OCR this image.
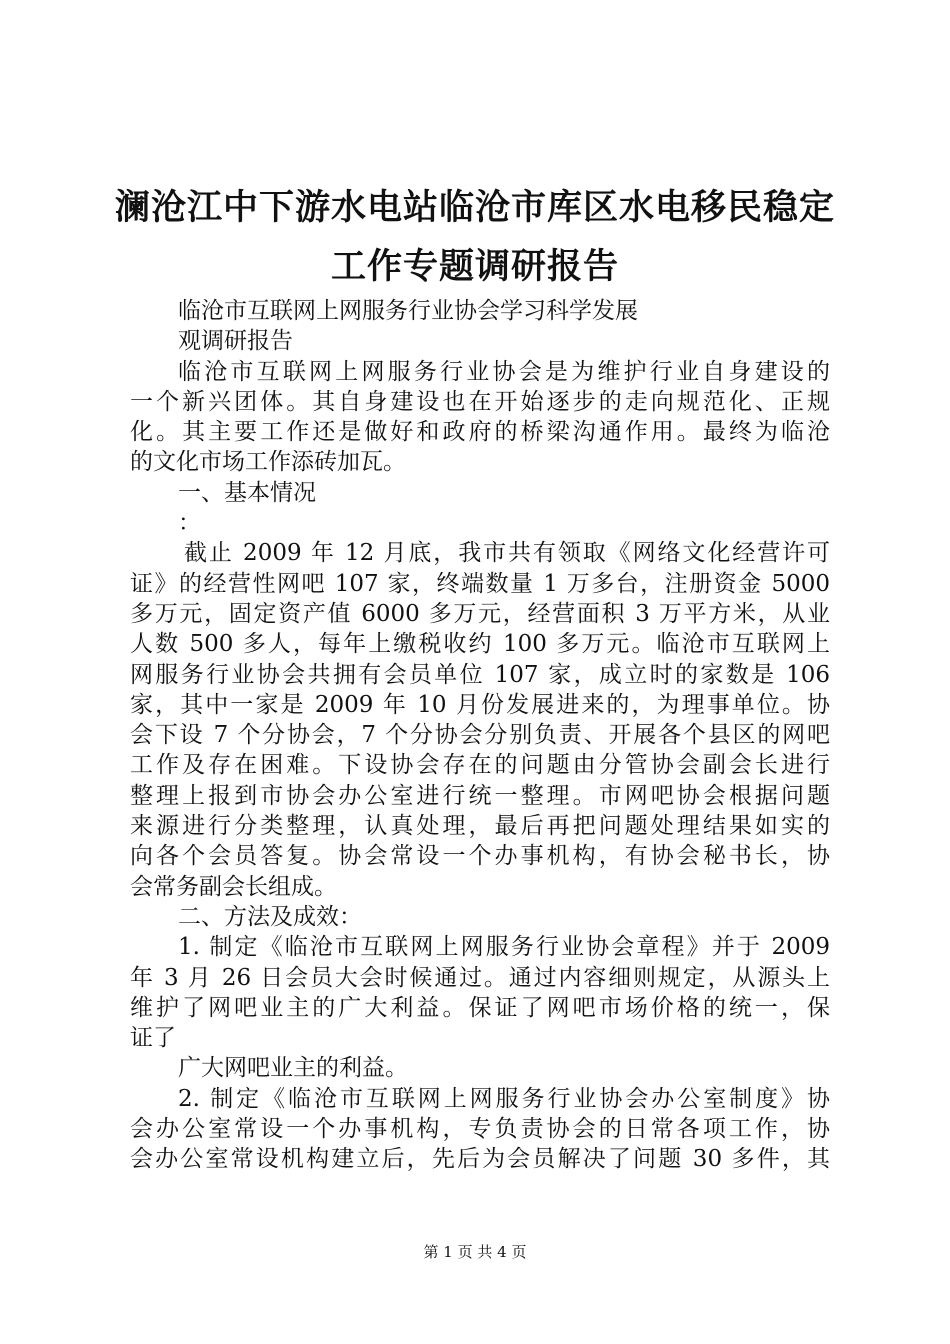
澜沧江中下游水电站临沧市库区水电移民稳定
工作专题调研报告
临沧市互联网上网服务行业协会学习科学发展
观调研报告
临沧市互联网上网服务行业协会是为维护行业自身建设的
一个新兴团体。其自身建设也在开始逐步的走向规范化、正规
化。其主要工作还是做好和政府的桥梁沟通作用。最终为临沧
的文化市场工作添砖加瓦。
一、基本情况
：
截止 2009 年 12 月底，我市共有领取《网络文化经营许可
证》的经营性网吧 107 家，终端数量 1 万多台，注册资金 5000
多万元，固定资产值 6000 多万元，经营面积 3 万平方米，从业
人数 500 多人，每年上缴税收约 100 多万元。临沧市互联网上
网服务行业协会共拥有会员单位 107 家，成立时的家数是 106
家，其中一家是 2009 年 10 月份发展进来的，为理事单位。协
会下设 7 个分协会，7 个分协会分别负责、开展各个县区的网吧
工作及存在困难。下设协会存在的问题由分管协会副会长进行
整理上报到市协会办公室进行统一整理。市网吧协会根据问题
来源进行分类整理，认真处理，最后再把问题处理结果如实的
向各个会员答复。协会常设一个办事机构，有协会秘书长，协
会常务副会长组成。
二、方法及成效：
1. 制定《临沧市互联网上网服务行业协会章程》并于 2009
年 3 月 26 日会员大会时候通过。通过内容细则规定，从源头上
维护了网吧业主的广大利益。保证了网吧市场价格的统一，保
证了
广大网吧业主的利益。
2. 制定《临沧市互联网上网服务行业协会办公室制度》协
会办公室常设一个办事机构，专负责协会的日常各项工作，协
会办公室常设机构建立后，先后为会员解决了问题 30 多件，其
第 1 页 共 4 页
